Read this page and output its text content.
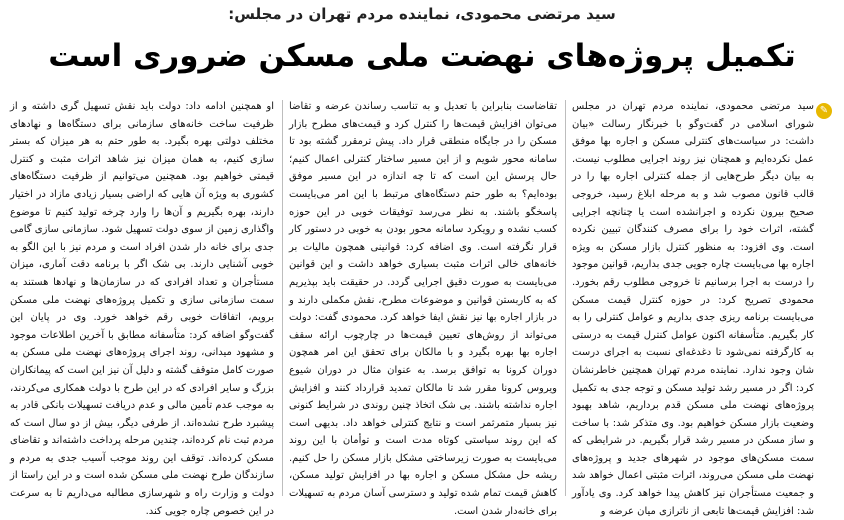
سید مرتضی محمودی، نماینده مردم تهران در مجلس:
تکمیل پروژه‌های نهضت ملی مسکن ضروری است
✎

سید مرتضی محمودی، نماینده مردم تهران در مجلس شورای اسلامی در گفت‌وگو با خبرنگار رسالت «بیان داشت: در سیاست‌های کنترلی مسکن و اجاره بها موفق عمل نکرده‌ایم و همچنان نیز روند اجرایی مطلوب نیست. به بیان دیگر طرح‌هایی از جمله کنترلی اجاره بها را در قالب قانون مصوب شد و به مرحله ابلاغ رسید، خروجی صحیح بیرون نکرده و اجرانشده است یا چنانچه اجرایی گشته، اثرات خود را برای مصرف کنندگان تبیین نکرده است. وی افزود: به منظور کنترل بازار مسکن به ویژه اجاره بها می‌بایست چاره جویی جدی بداریم، قوانین موجود را درست به اجرا برسانیم تا خروجی مطلوب رقم بخورد. محمودی تصریح کرد: در حوزه کنترل قیمت مسکن می‌بایست برنامه ریزی جدی بداریم و عوامل کنترلی را به کار بگیریم. متأسفانه اکنون عوامل کنترل قیمت به درستی به کارگرفته نمی‌شود تا دغدغه‌ای نسبت به اجرای درست شان وجود ندارد. نماینده مردم تهران همچنین خاطرنشان کرد: اگر در مسیر رشد تولید مسکن و توجه جدی به تکمیل پروژه‌های نهضت ملی مسکن قدم برداریم، شاهد بهبود وضعیت بازار مسکن خواهیم بود. وی متذکر شد: با ساخت و ساز مسکن در مسیر رشد قرار بگیریم. در شرایطی که سمت مسکن‌های موجود در شهرهای جدید و پروژه‌های نهضت ملی مسکن می‌روند، اثرات مثبتی اعمال خواهد شد و جمعیت مستأجران نیز کاهش پیدا خواهد کرد. وی یادآور شد: افزایش قیمت‌ها تابعی از ناترازی میان عرضه و

تقاضاست بنابراین با تعدیل و به تناسب رساندن عرضه و تقاضا می‌توان افزایش قیمت‌ها را کنترل کرد و قیمت‌های مطرح بازار مسکن را در جایگاه منطقی قرار داد. پیش ترمقرر گشته بود تا سامانه محور شویم و از این مسیر ساختار کنترلی اعمال کنیم؛ حال پرسش این است که تا چه اندازه در این مسیر موفق بوده‌ایم؟ به طور حتم دستگاه‌های مرتبط با این امر می‌بایست پاسخگو باشند. به نظر می‌رسد توفیقات خوبی در این حوزه کسب نشده و رویکرد سامانه محور بودن به خوبی در دستور کار قرار نگرفته است. وی اضافه کرد: قوانینی همچون مالیات بر خانه‌های خالی اثرات مثبت بسیاری خواهد داشت و این قوانین می‌بایست به صورت دقیق اجرایی گردد. در حقیقت باید بپذیریم که به کاربستن قوانین و موضوعات مطرح، نقش مکملی دارند و در بازار اجاره بها نیز نقش ایفا خواهد کرد. محمودی گفت: دولت می‌تواند از روش‌های تعیین قیمت‌ها در چارچوب ارائه سقف اجاره بها بهره بگیرد و با مالکان برای تحقق این امر همچون دوران کرونا به توافق برسد. به عنوان مثال در دوران شیوع ویروس کرونا مقرر شد تا مالکان تمدید قرارداد کنند و افزایش اجاره نداشته باشند. بی شک اتخاذ چنین روندی در شرایط کنونی نیز بسیار متمرثمر است و نتایج کنترلی خواهد داد. بدیهی است که این روند سیاستی کوتاه مدت است و توأمان با این روند می‌بایست به صورت زیرساختی مشکل بازار مسکن را حل کنیم. ریشه حل مشکل مسکن و اجاره بها در افزایش تولید مسکن، کاهش قیمت تمام شده تولید و دسترسی آسان مردم به تسهیلات برای خانه‌دار شدن است.

او همچنین ادامه داد: دولت باید نقش تسهیل گری داشته و از ظرفیت ساخت خانه‌های سازمانی برای دستگاه‌ها و نهادهای مختلف دولتی بهره بگیرد. به طور حتم به هر میزان که بستر سازی کنیم، به همان میزان نیز شاهد اثرات مثبت و کنترل قیمتی خواهیم بود. همچنین می‌توانیم از ظرفیت دستگاه‌های کشوری به ویژه آن هایی که اراضی بسیار زیادی مازاد در اختیار دارند، بهره بگیریم و آن‌ها را وارد چرخه تولید کنیم تا موضوع واگذاری زمین از سوی دولت تسهیل شود. سازمانی سازی گامی جدی برای خانه دار شدن افراد است و مردم نیز با این الگو به خوبی آشنایی دارند. بی شک اگر با برنامه دقت آماری، میزان مستأجران و تعداد افرادی که در سازمان‌ها و نهادها هستند به سمت سازمانی سازی و تکمیل پروژه‌های نهضت ملی مسکن برویم، اتفاقات خوبی رقم خواهد خورد. وی در پایان این گفت‌وگو اضافه کرد: متأسفانه مطابق با آخرین اطلاعات موجود و مشهود میدانی، روند اجرای پروژه‌های نهضت ملی مسکن به صورت کامل متوقف گشته و دلیل آن نیز این است که پیمانکاران بزرگ و سایر افرادی که در این طرح با دولت همکاری می‌کردند، به موجب عدم تأمین مالی و عدم دریافت تسهیلات بانکی قادر به پیشبرد طرح نشده‌اند. از طرفی دیگر، بیش از دو سال است که مردم ثبت نام کرده‌اند، چندین مرحله پرداخت داشته‌اند و تقاضای مسکن کرده‌اند. توقف این روند موجب آسیب جدی به مردم و سازندگان طرح نهضت ملی مسکن شده است و در این راستا از دولت و وزارت راه و شهرسازی مطالبه می‌داریم تا به سرعت در این خصوص چاره جویی کند.
